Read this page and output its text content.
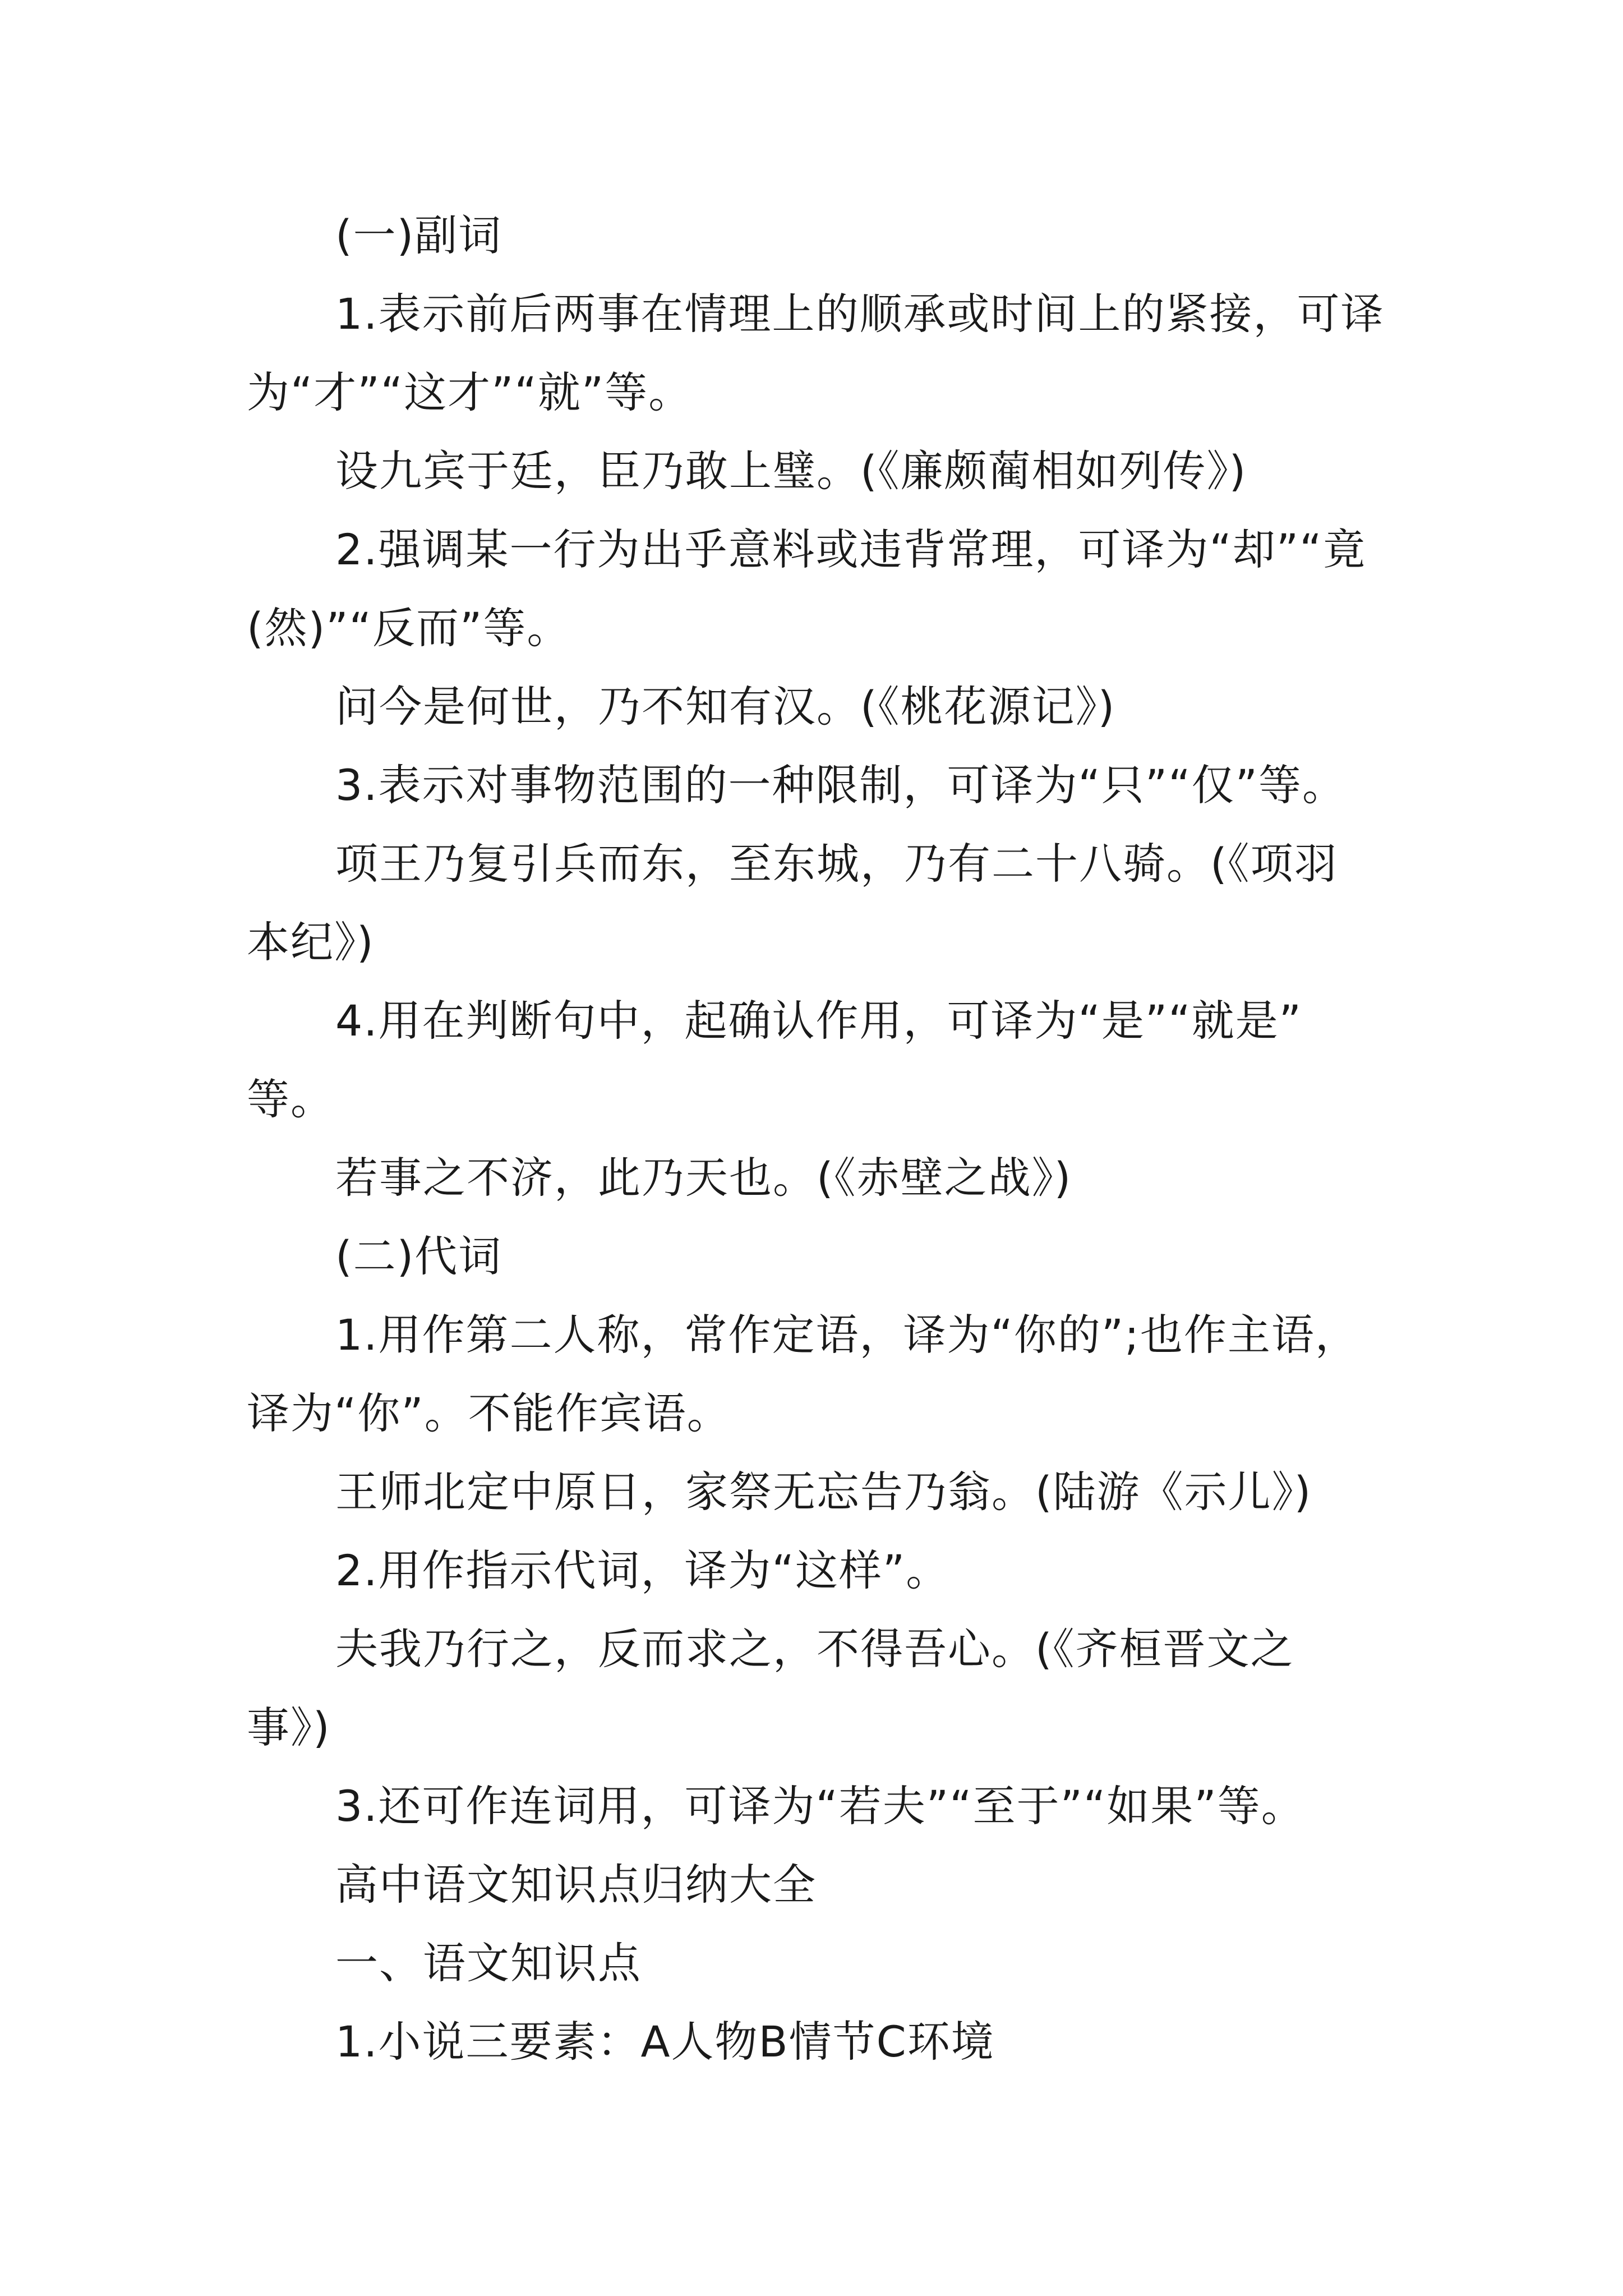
(一)副词
1.表示前后两事在情理上的顺承或时间上的紧接，可译
为“才”“这才”“就”等。
设九宾于廷，臣乃敢上璧。(《廉颇蔺相如列传》)
2.强调某一行为出乎意料或违背常理，可译为“却”“竟
(然)”“反而”等。
问今是何世，乃不知有汉。(《桃花源记》)
3.表示对事物范围的一种限制，可译为“只”“仅”等。
项王乃复引兵而东，至东城，乃有二十八骑。(《项羽
本纪》)
4.用在判断句中，起确认作用，可译为“是”“就是”
等。
若事之不济，此乃天也。(《赤壁之战》)
(二)代词
1.用作第二人称，常作定语，译为“你的”;也作主语，
译为“你”。不能作宾语。
王师北定中原日，家祭无忘告乃翁。(陆游《示儿》)
2.用作指示代词，译为“这样”。
夫我乃行之，反而求之，不得吾心。(《齐桓晋文之
事》)
3.还可作连词用，可译为“若夫”“至于”“如果”等。
高中语文知识点归纳大全
一、语文知识点
1.小说三要素：A人物B情节C环境
